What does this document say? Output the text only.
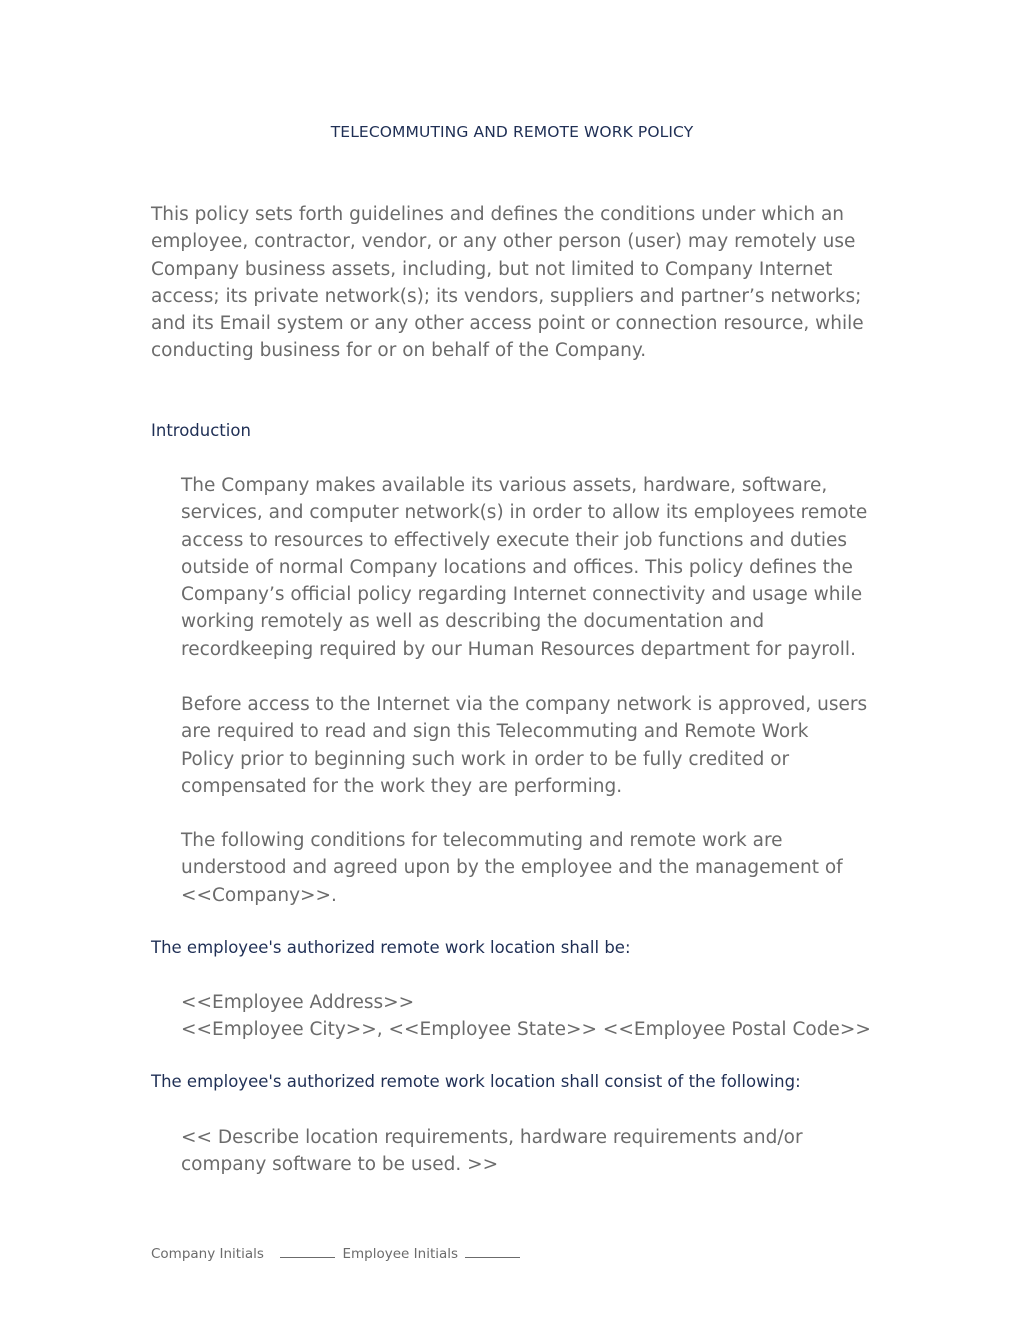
TELECOMMUTING AND REMOTE WORK POLICY

This policy sets forth guidelines and defines the conditions under which an
employee, contractor, vendor, or any other person (user) may remotely use
Company business assets, including, but not limited to Company Internet
access; its private network(s); its vendors, suppliers and partner’s networks;
and its Email system or any other access point or connection resource, while
conducting business for or on behalf of the Company.

Introduction

The Company makes available its various assets, hardware, software,
services, and computer network(s) in order to allow its employees remote
access to resources to effectively execute their job functions and duties
outside of normal Company locations and offices. This policy defines the
Company’s official policy regarding Internet connectivity and usage while
working remotely as well as describing the documentation and
recordkeeping required by our Human Resources department for payroll.

Before access to the Internet via the company network is approved, users
are required to read and sign this Telecommuting and Remote Work
Policy prior to beginning such work in order to be fully credited or
compensated for the work they are performing.

The following conditions for telecommuting and remote work are
understood and agreed upon by the employee and the management of
<<Company>>.

The employee's authorized remote work location shall be:

<<Employee Address>>
<<Employee City>>, <<Employee State>> <<Employee Postal Code>>

The employee's authorized remote work location shall consist of the following:

<< Describe location requirements, hardware requirements and/or
company software to be used. >>

Company Initials	Employee Initials
